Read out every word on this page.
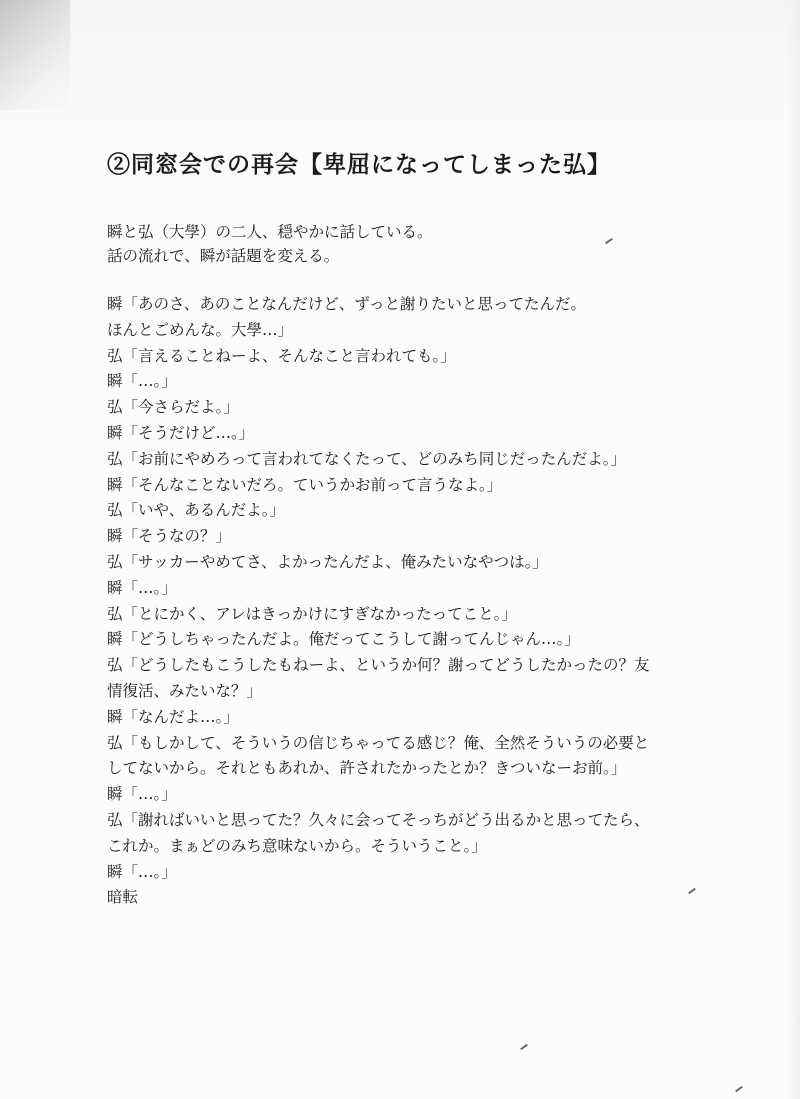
②同窓会での再会【卑屈になってしまった弘】
瞬と弘（大學）の二人、穏やかに話している。
話の流れで、瞬が話題を変える。
瞬「あのさ、あのことなんだけど、ずっと謝りたいと思ってたんだ。
ほんとごめんな。大學…」
弘「言えることねーよ、そんなこと言われても。」
瞬「…。」
弘「今さらだよ。」
瞬「そうだけど…。」
弘「お前にやめろって言われてなくたって、どのみち同じだったんだよ。」
瞬「そんなことないだろ。ていうかお前って言うなよ。」
弘「いや、あるんだよ。」
瞬「そうなの？」
弘「サッカーやめてさ、よかったんだよ、俺みたいなやつは。」
瞬「…。」
弘「とにかく、アレはきっかけにすぎなかったってこと。」
瞬「どうしちゃったんだよ。俺だってこうして謝ってんじゃん…。」
弘「どうしたもこうしたもねーよ、というか何？謝ってどうしたかったの？友
情復活、みたいな？」
瞬「なんだよ…。」
弘「もしかして、そういうの信じちゃってる感じ？俺、全然そういうの必要と
してないから。それともあれか、許されたかったとか？きついなーお前。」
瞬「…。」
弘「謝ればいいと思ってた？久々に会ってそっちがどう出るかと思ってたら、
これか。まぁどのみち意味ないから。そういうこと。」
瞬「…。」
暗転
